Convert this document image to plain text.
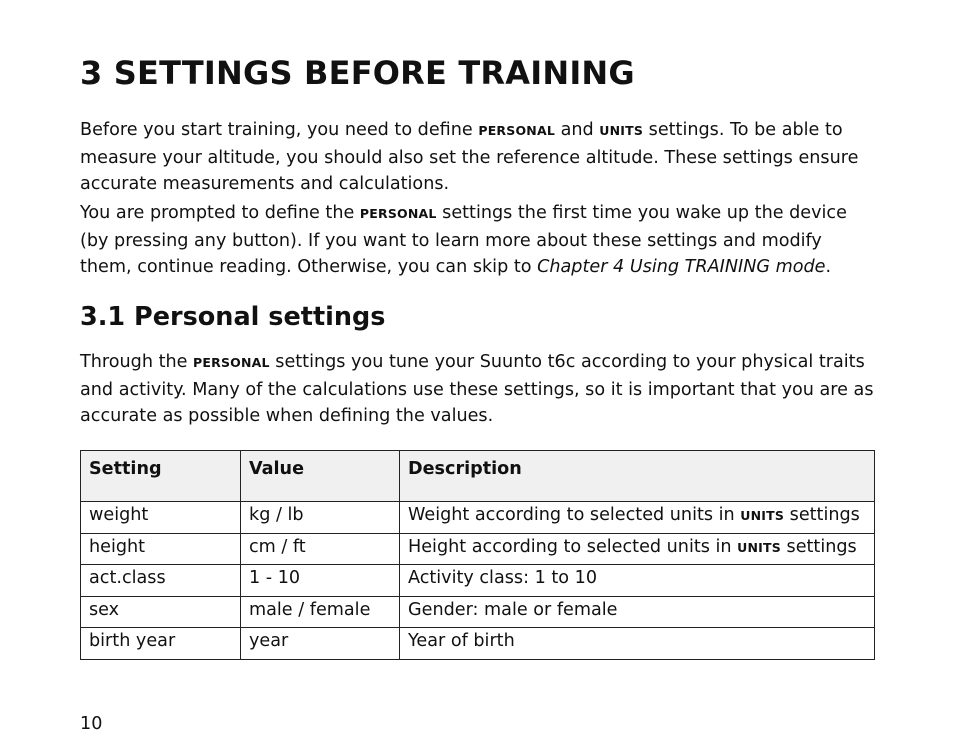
3 SETTINGS BEFORE TRAINING

Before you start training, you need to define PERSONAL and UNITS settings. To be able to measure your altitude, you should also set the reference altitude. These settings ensure accurate measurements and calculations.

You are prompted to define the PERSONAL settings the first time you wake up the device (by pressing any button). If you want to learn more about these settings and modify them, continue reading. Otherwise, you can skip to Chapter 4 Using TRAINING mode.

3.1 Personal settings

Through the PERSONAL settings you tune your Suunto t6c according to your physical traits and activity. Many of the calculations use these settings, so it is important that you are as accurate as possible when defining the values.

Setting	Value	Description
weight	kg / lb	Weight according to selected units in UNITS settings
height	cm / ft	Height according to selected units in UNITS settings
act.class	1 - 10	Activity class: 1 to 10
sex	male / female	Gender: male or female
birth year	year	Year of birth
10
